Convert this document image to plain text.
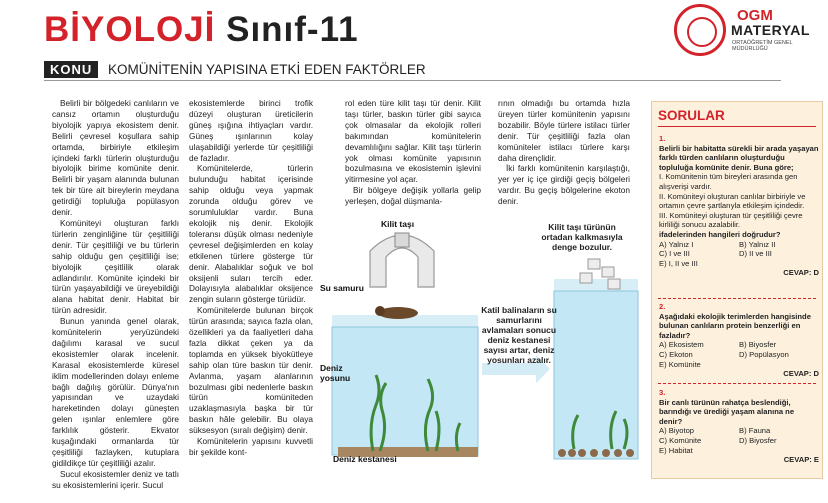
BİYOLOJİ Sınıf-11	OGM
MATERYAL
ORTAÖĞRETİM GENEL MÜDÜRLÜĞÜ
KONU	KOMÜNİTENİN YAPISINA ETKİ EDEN FAKTÖRLER

Belirli bir bölgedeki canlıların ve cansız ortamın oluşturduğu biyolojik yapıya ekosistem denir. Belirli çevresel koşullara sahip ortamda, birbiriyle etkileşim içindeki farklı türlerin oluşturduğu biyolojik birime komünite denir. Belirli bir yaşam alanında bulunan tek bir türe ait bireylerin meydana getirdiği topluluğa popülasyon denir.

Komüniteyi oluşturan farklı türlerin zenginliğine tür çeşitliliği denir. Tür çeşitliliği ve bu türlerin sahip olduğu gen çeşitliliği ise; biyolojik çeşitlilik olarak adlandırılır. Komünite içindeki bir türün yaşayabildiği ve üreyebildiği alana habitat denir. Habitat bir türün adresidir.

Bunun yanında genel olarak, komünitelerin yeryüzündeki dağılımı karasal ve sucul ekosistemler olarak incelenir. Karasal ekosistemlerde küresel iklim modellerinden dolayı enleme bağlı dağılış görülür. Dünya'nın yapısından ve uzaydaki hareketinden dolayı güneşten gelen ışınlar enlemlere göre farklılık gösterir. Ekvator kuşağındaki ormanlarda tür çeşitliliği fazlayken, kutuplara gidildikçe tür çeşitliliği azalır.

Sucul ekosistemler deniz ve tatlı su ekosistemlerini içerir. Sucul

ekosistemlerde birinci trofik düzeyi oluşturan üreticilerin güneş ışığına ihtiyaçları vardır. Güneş ışınlarının kolay ulaşabildiği yerlerde tür çeşitliliği de fazladır.

Komünitelerde, türlerin bulunduğu habitat içerisinde sahip olduğu veya yapmak zorunda olduğu görev ve sorumluluklar vardır. Buna ekolojik niş denir. Ekolojik toleransı düşük olması nedeniyle çevresel değişimlerden en kolay etkilenen türlere gösterge tür denir. Alabalıklar soğuk ve bol oksijenli suları tercih eder. Dolayısıyla alabalıklar oksijence zengin suların gösterge türüdür.

Komünitelerde bulunan birçok türün arasında; sayıca fazla olan, özellikleri ya da faaliyetleri daha fazla dikkat çeken ya da toplamda en yüksek biyokütleye sahip olan türe baskın tür denir. Avlanma, yaşam alanlarının bozulması gibi nedenlerle baskın türün komüniteden uzaklaşmasıyla başka bir tür baskın hâle gelebilir. Bu olaya süksesyon (sıralı değişim) denir.

Komünitelerin yapısını kuvvetli bir şekilde kont-

rol eden türe kilit taşı tür denir. Kilit taşı türler, baskın türler gibi sayıca çok olmasalar da ekolojik rolleri bakımından komünitelerin devamlılığını sağlar. Kilit taşı türlerin yok olması komünite yapısının bozulmasına ve ekosistemin işlevini yitirmesine yol açar.

Bir bölgeye değişik yollarla gelip yerleşen, doğal düşmanla-

rının olmadığı bu ortamda hızla üreyen türler komünitenin yapısını bozabilir. Böyle türlere istilacı türler denir. Tür çeşitliliği fazla olan komüniteler istilacı türlere karşı daha dirençlidir.

İki farklı komünitenin karşılaştığı, yer yer iç içe girdiği geçiş bölgeleri vardır. Bu geçiş bölgelerine ekoton denir.

Kilit taşı
Su samuru
Deniz kestanesi
Deniz yosunu
Katil balinaların su samurlarını avlamaları sonucu deniz kestanesi sayısı artar, deniz yosunları azalır.
Kilit taşı türünün ortadan kalkmasıyla denge bozulur.
SORULAR
1.
Belirli bir habitatta sürekli bir arada yaşayan farklı türden canlıların oluşturduğu topluluğa komünite denir. Buna göre;
I. Komünitenin tüm bireyleri arasında gen alışverişi vardır.
II. Komüniteyi oluşturan canlılar birbiriyle ve ortamın çevre şartlarıyla etkileşim içindedir.
III. Komüniteyi oluşturan tür çeşitliliği çevre kirliliği sonucu azalabilir.
ifadelerinden hangileri doğrudur?
A) Yalnız I	B) Yalnız II
C) I ve III	D) II ve III
E) I, II ve III
CEVAP: D
2.
Aşağıdaki ekolojik terimlerden hangisinde bulunan canlıların protein benzerliği en fazladır?
A) Ekosistem	B) Biyosfer
C) Ekoton	D) Popülasyon
E) Komünite
CEVAP: D
3.
Bir canlı türünün rahatça beslendiği, barındığı ve ürediği yaşam alanına ne denir?
A) Biyotop	B) Fauna
C) Komünite	D) Biyosfer
E) Habitat
CEVAP: E
